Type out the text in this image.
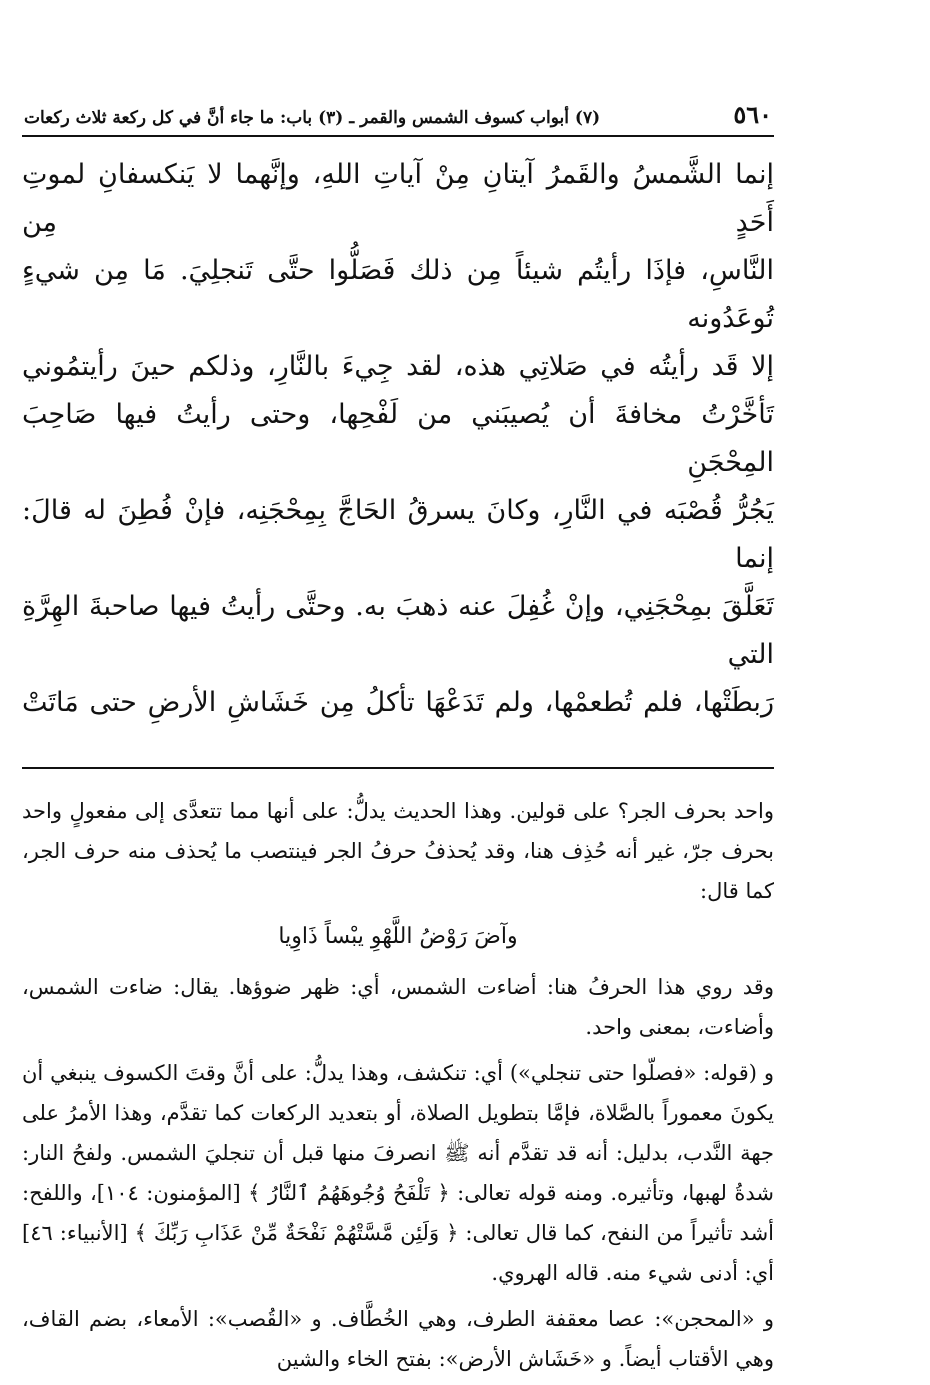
٥٦٠
(٧) أبواب كسوف الشمس والقمر ـ (٣) باب: ما جاء أنَّ في كل ركعة ثلاث ركعات

إنما الشَّمسُ والقَمرُ آيتانِ مِنْ آياتِ اللهِ، وإنَّهما لا يَنكسفانِ لموتِ أَحَدٍ مِن

النَّاسِ، فإذَا رأيتُم شيئاً مِن ذلك فَصَلُّوا حتَّى تَنجلِيَ. مَا مِن شيءٍ تُوعَدُونه

إلا قَد رأيتُه في صَلاتِي هذه، لقد جِيءَ بالنَّارِ، وذلكم حينَ رأيتمُوني

تَأخَّرْتُ مخافةَ أن يُصيبَني من لَفْحِها، وحتى رأيتُ فيها صَاحِبَ المِحْجَنِ

يَجُرُّ قُصْبَه في النَّارِ، وكانَ يسرقُ الحَاجَّ بِمِحْجَنِه، فإنْ فُطِنَ له قالَ: إنما

تَعَلَّقَ بمِحْجَنِي، وإنْ غُفِلَ عنه ذهبَ به. وحتَّى رأيتُ فيها صاحبةَ الهِرَّةِ التي

رَبطَتْها، فلم تُطعمْها، ولم تَدَعْهَا تأكلُ مِن خَشَاشِ الأرضِ حتى مَاتَتْ

واحد بحرف الجر؟ على قولين. وهذا الحديث يدلُّ: على أنها مما تتعدَّى إلى مفعولٍ واحد بحرف جرّ، غير أنه حُذِف هنا، وقد يُحذفُ حرفُ الجر فينتصب ما يُحذف منه حرف الجر، كما قال:

وآضَ رَوْضُ اللَّهْوِ يبْساً ذَاوِيا

وقد روي هذا الحرفُ هنا: أضاءت الشمس، أي: ظهر ضوؤها. يقال: ضاءت الشمس، وأضاءت، بمعنى واحد.

و (قوله: «فصلّوا حتى تنجلي») أي: تنكشف، وهذا يدلُّ: على أنَّ وقتَ الكسوف ينبغي أن يكونَ معموراً بالصَّلاة، فإمَّا بتطويل الصلاة، أو بتعديد الركعات كما تقدَّم، وهذا الأمرُ على جهة النَّدب، بدليل: أنه قد تقدَّم أنه ﷺ انصرفَ منها قبل أن تنجليَ الشمس. ولفحُ النار: شدةُ لهبها، وتأثيره. ومنه قوله تعالى: ﴿ تَلْفَحُ وُجُوهَهُمُ ٱلنَّارُ ﴾ [المؤمنون: ١٠٤]، واللفح: أشد تأثيراً من النفح، كما قال تعالى: ﴿ وَلَئِن مَّسَّتْهُمْ نَفْحَةٌ مِّنْ عَذَابِ رَبِّكَ ﴾ [الأنبياء: ٤٦] أي: أدنى شيء منه. قاله الهروي.

و «المحجن»: عصا معقفة الطرف، وهي الخُطَّاف. و «القُصب»: الأمعاء، بضم القاف، وهي الأقتاب أيضاً. و «خَشَاش الأرض»: بفتح الخاء والشين
